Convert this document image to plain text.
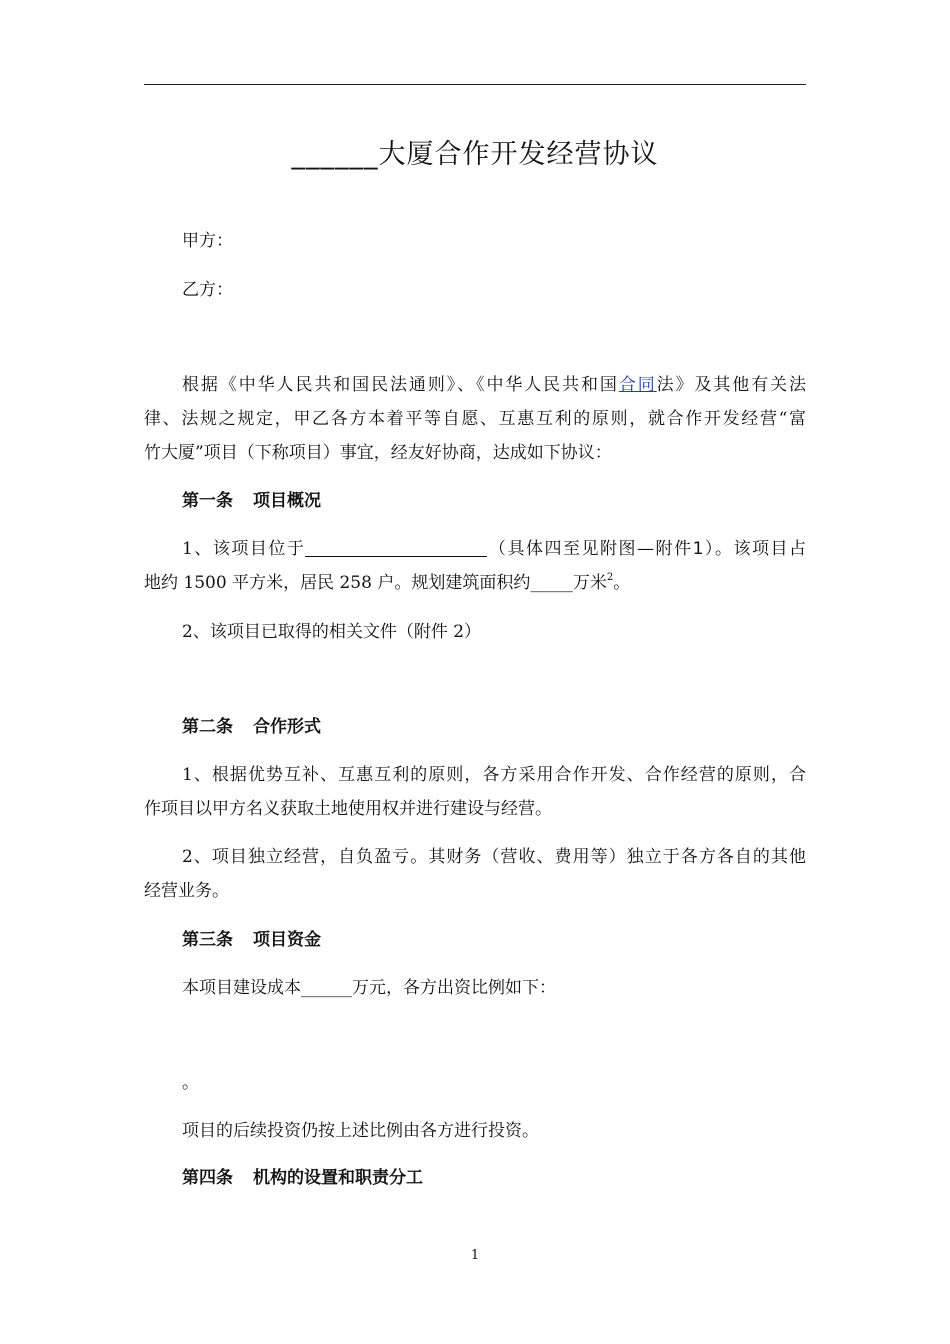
______大厦合作开发经营协议
甲方：
乙方：
根据《中华人民共和国民法通则》、《中华人民共和国合同法》及其他有关法
律、法规之规定，甲乙各方本着平等自愿、互惠互利的原则，就合作开发经营“富
竹大厦”项目（下称项目）事宜，经友好协商，达成如下协议：
第一条 项目概况
1、该项目位于	（具体四至见附图—附件1）。该项目占
地约 1500 平方米，居民 258 户。规划建筑面积约_____万米$^2$。
2、该项目已取得的相关文件（附件 2）
第二条 合作形式
1、根据优势互补、互惠互利的原则，各方采用合作开发、合作经营的原则，合
作项目以甲方名义获取土地使用权并进行建设与经营。
2、项目独立经营，自负盈亏。其财务（营收、费用等）独立于各方各自的其他
经营业务。
第三条 项目资金
本项目建设成本______万元，各方出资比例如下：
。
项目的后续投资仍按上述比例由各方进行投资。
第四条 机构的设置和职责分工
1
